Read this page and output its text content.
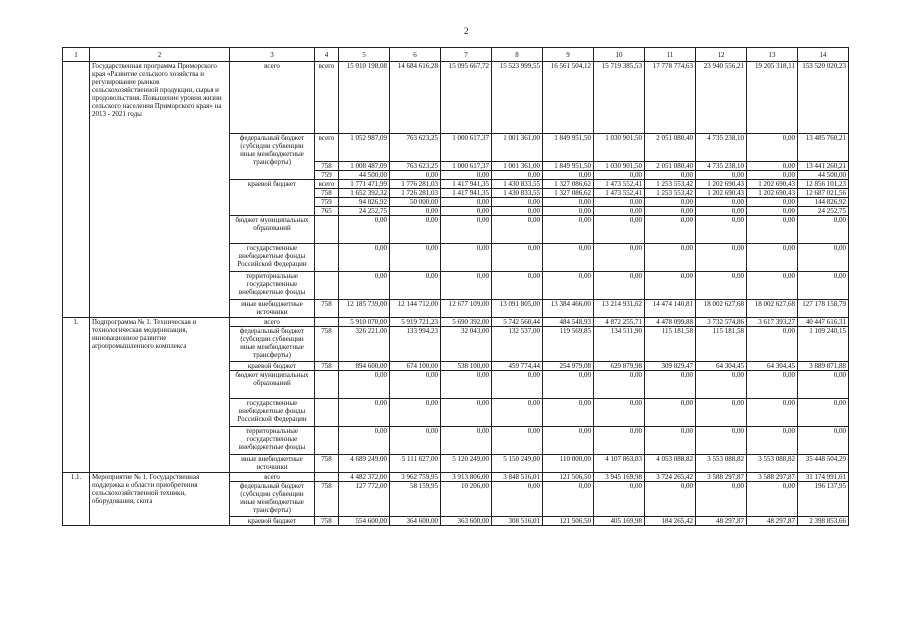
2
1	2	3	4	5	6	7	8	9	10	11	12	13	14
	Государственная программа Приморского края «Развитие сельского хозяйства и регулирование рынков сельскохозяйственной продукции, сырья и продовольствия. Повышение уровня жизни сельского населения Приморского края» на 2013 - 2021 годы	всего	всего	15 010 198,08	14 684 616,28	15 095 667,72	15 523 999,55	16 561 504,12	15 719 385,53	17 778 774,63	23 940 556,21	19 205 318,11	153 520 020,23
		федеральный бюджет (субсидии субвенции иные межбюджетные трансферты)	всего	1 052 987,09	763 623,25	1 000 617,37	1 001 361,00	1 849 951,50	1 030 901,50	2 051 080,40	4 735 238,10	0,00	13 485 760,21
			758	1 008 487,09	763 623,25	1 000 617,37	1 001 361,00	1 849 951,50	1 030 901,50	2 051 080,40	4 735 238,10	0,00	13 441 260,21
			759	44 500,00	0,00	0,00	0,00	0,00	0,00	0,00	0,00	0,00	44 500,00
		краевой бюджет	всего	1 771 471,99	1 776 281,03	1 417 941,35	1 430 833,55	1 327 086,62	1 473 552,41	1 253 553,42	1 202 690,43	1 202 690,43	12 856 101,23
			758	1 652 392,32	1 726 281,03	1 417 941,35	1 430 833,55	1 327 086,62	1 473 552,41	1 253 553,42	1 202 690,43	1 202 690,43	12 687 021,56
			759	94 826,92	50 000,00	0,00	0,00	0,00	0,00	0,00	0,00	0,00	144 826,92
			765	24 252,75	0,00	0,00	0,00	0,00	0,00	0,00	0,00	0,00	24 252,75
		бюджет муниципальных образований		0,00	0,00	0,00	0,00	0,00	0,00	0,00	0,00	0,00	0,00
		государственные внебюджетные фонды Российской Федерации		0,00	0,00	0,00	0,00	0,00	0,00	0,00	0,00	0,00	0,00
		территориальные государственные внебюджетные фонды		0,00	0,00	0,00	0,00	0,00	0,00	0,00	0,00	0,00	0,00
		иные внебюджетные источники	758	12 185 739,00	12 144 712,00	12 677 109,00	13 091 805,00	13 384 466,00	13 214 931,62	14 474 140,81	18 002 627,68	18 002 627,68	127 178 158,79
1.	Подпрограмма № 1. Техническая и технологическая модернизация, инновационное развитие агропромышленного комплекса	всего		5 910 070,00	5 919 721,23	5 690 392,00	5 742 560,44	484 548,93	4 872 255,71	4 478 099,88	3 732 574,86	3 617 393,27	40 447 616,31
		федеральный бюджет (субсидии субвенции иные межбюджетные трансферты)	758	326 221,00	133 994,23	32 043,00	132 537,00	119 569,85	134 511,90	115 181,58	115 181,58	0,00	1 109 240,15
		краевой бюджет	758	894 600,00	674 100,00	538 100,00	459 774,44	254 979,08	629 879,98	309 829,47	64 304,45	64 304,45	3 889 871,88
		бюджет муниципальных образований		0,00	0,00	0,00	0,00	0,00	0,00	0,00	0,00	0,00	0,00
		государственные внебюджетные фонды Российской Федерации		0,00	0,00	0,00	0,00	0,00	0,00	0,00	0,00	0,00	0,00
		территориальные государственные внебюджетные фонды		0,00	0,00	0,00	0,00	0,00	0,00	0,00	0,00	0,00	0,00
		иные внебюджетные источники	758	4 689 249,00	5 111 627,00	5 120 249,00	5 150 249,00	110 000,00	4 107 863,83	4 053 088,82	3 553 088,82	3 553 088,82	35 448 504,29
1.1.	Мероприятие № 1. Государственная поддержка в области приобретения сельскохозяйственной техники, оборудования, скота	всего		4 482 372,00	3 962 759,95	3 913 806,00	3 848 516,01	121 506,50	3 945 169,98	3 724 265,42	3 588 297,87	3 588 297,87	31 174 991,61
		федеральный бюджет (субсидии субвенции иные межбюджетные трансферты)	758	127 772,00	58 159,95	10 206,00	0,00	0,00	0,00	0,00	0,00	0,00	196 137,95
		краевой бюджет	758	554 600,00	364 600,00	363 600,00	308 516,01	121 506,50	405 169,98	184 265,42	48 297,87	48 297,87	2 398 853,66
